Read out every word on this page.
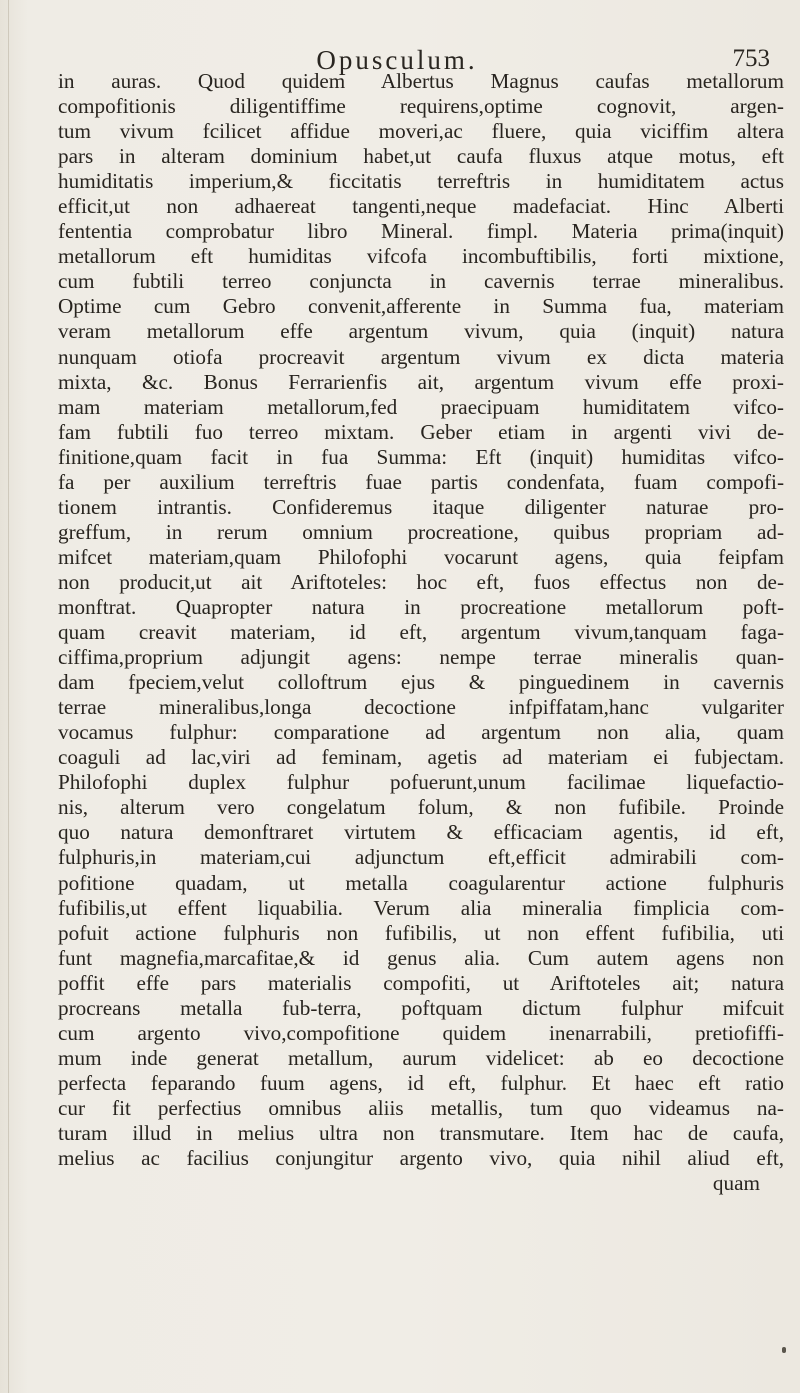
Opusculum.	753
in auras. Quod quidem Albertus Magnus caufas metallorum
compofitionis diligentiffime requirens,optime cognovit, argen-
tum vivum fcilicet affidue moveri,ac fluere, quia viciffim altera
pars in alteram dominium habet,ut caufa fluxus atque motus, eft
humiditatis imperium,& ficcitatis terreftris in humiditatem actus
efficit,ut non adhaereat tangenti,neque madefaciat. Hinc Alberti
fententia comprobatur libro Mineral. fimpl. Materia prima(inquit)
metallorum eft humiditas vifcofa incombuftibilis, forti mixtione,
cum fubtili terreo conjuncta in cavernis terrae mineralibus.
Optime cum Gebro convenit,afferente in Summa fua, materiam
veram metallorum effe argentum vivum, quia (inquit) natura
nunquam otiofa procreavit argentum vivum ex dicta materia
mixta, &c. Bonus Ferrarienfis ait, argentum vivum effe proxi-
mam materiam metallorum,fed praecipuam humiditatem vifco-
fam fubtili fuo terreo mixtam. Geber etiam in argenti vivi de-
finitione,quam facit in fua Summa: Eft (inquit) humiditas vifco-
fa per auxilium terreftris fuae partis condenfata, fuam compofi-
tionem intrantis. Confideremus itaque diligenter naturae pro-
greffum, in rerum omnium procreatione, quibus propriam ad-
mifcet materiam,quam Philofophi vocarunt agens, quia feipfam
non producit,ut ait Ariftoteles: hoc eft, fuos effectus non de-
monftrat. Quapropter natura in procreatione metallorum poft-
quam creavit materiam, id eft, argentum vivum,tanquam faga-
ciffima,proprium adjungit agens: nempe terrae mineralis quan-
dam fpeciem,velut colloftrum ejus & pinguedinem in cavernis
terrae mineralibus,longa decoctione infpiffatam,hanc vulgariter
vocamus fulphur: comparatione ad argentum non alia, quam
coaguli ad lac,viri ad feminam, agetis ad materiam ei fubjectam.
Philofophi duplex fulphur pofuerunt,unum facilimae liquefactio-
nis, alterum vero congelatum folum, & non fufibile. Proinde
quo natura demonftraret virtutem & efficaciam agentis, id eft,
fulphuris,in materiam,cui adjunctum eft,efficit admirabili com-
pofitione quadam, ut metalla coagularentur actione fulphuris
fufibilis,ut effent liquabilia. Verum alia mineralia fimplicia com-
pofuit actione fulphuris non fufibilis, ut non effent fufibilia, uti
funt magnefia,marcafitae,& id genus alia. Cum autem agens non
poffit effe pars materialis compofiti, ut Ariftoteles ait; natura
procreans metalla fub-terra, poftquam dictum fulphur mifcuit
cum argento vivo,compofitione quidem inenarrabili, pretiofiffi-
mum inde generat metallum, aurum videlicet: ab eo decoctione
perfecta feparando fuum agens, id eft, fulphur. Et haec eft ratio
cur fit perfectius omnibus aliis metallis, tum quo videamus na-
turam illud in melius ultra non transmutare. Item hac de caufa,
melius ac facilius conjungitur argento vivo, quia nihil aliud eft,
quam
